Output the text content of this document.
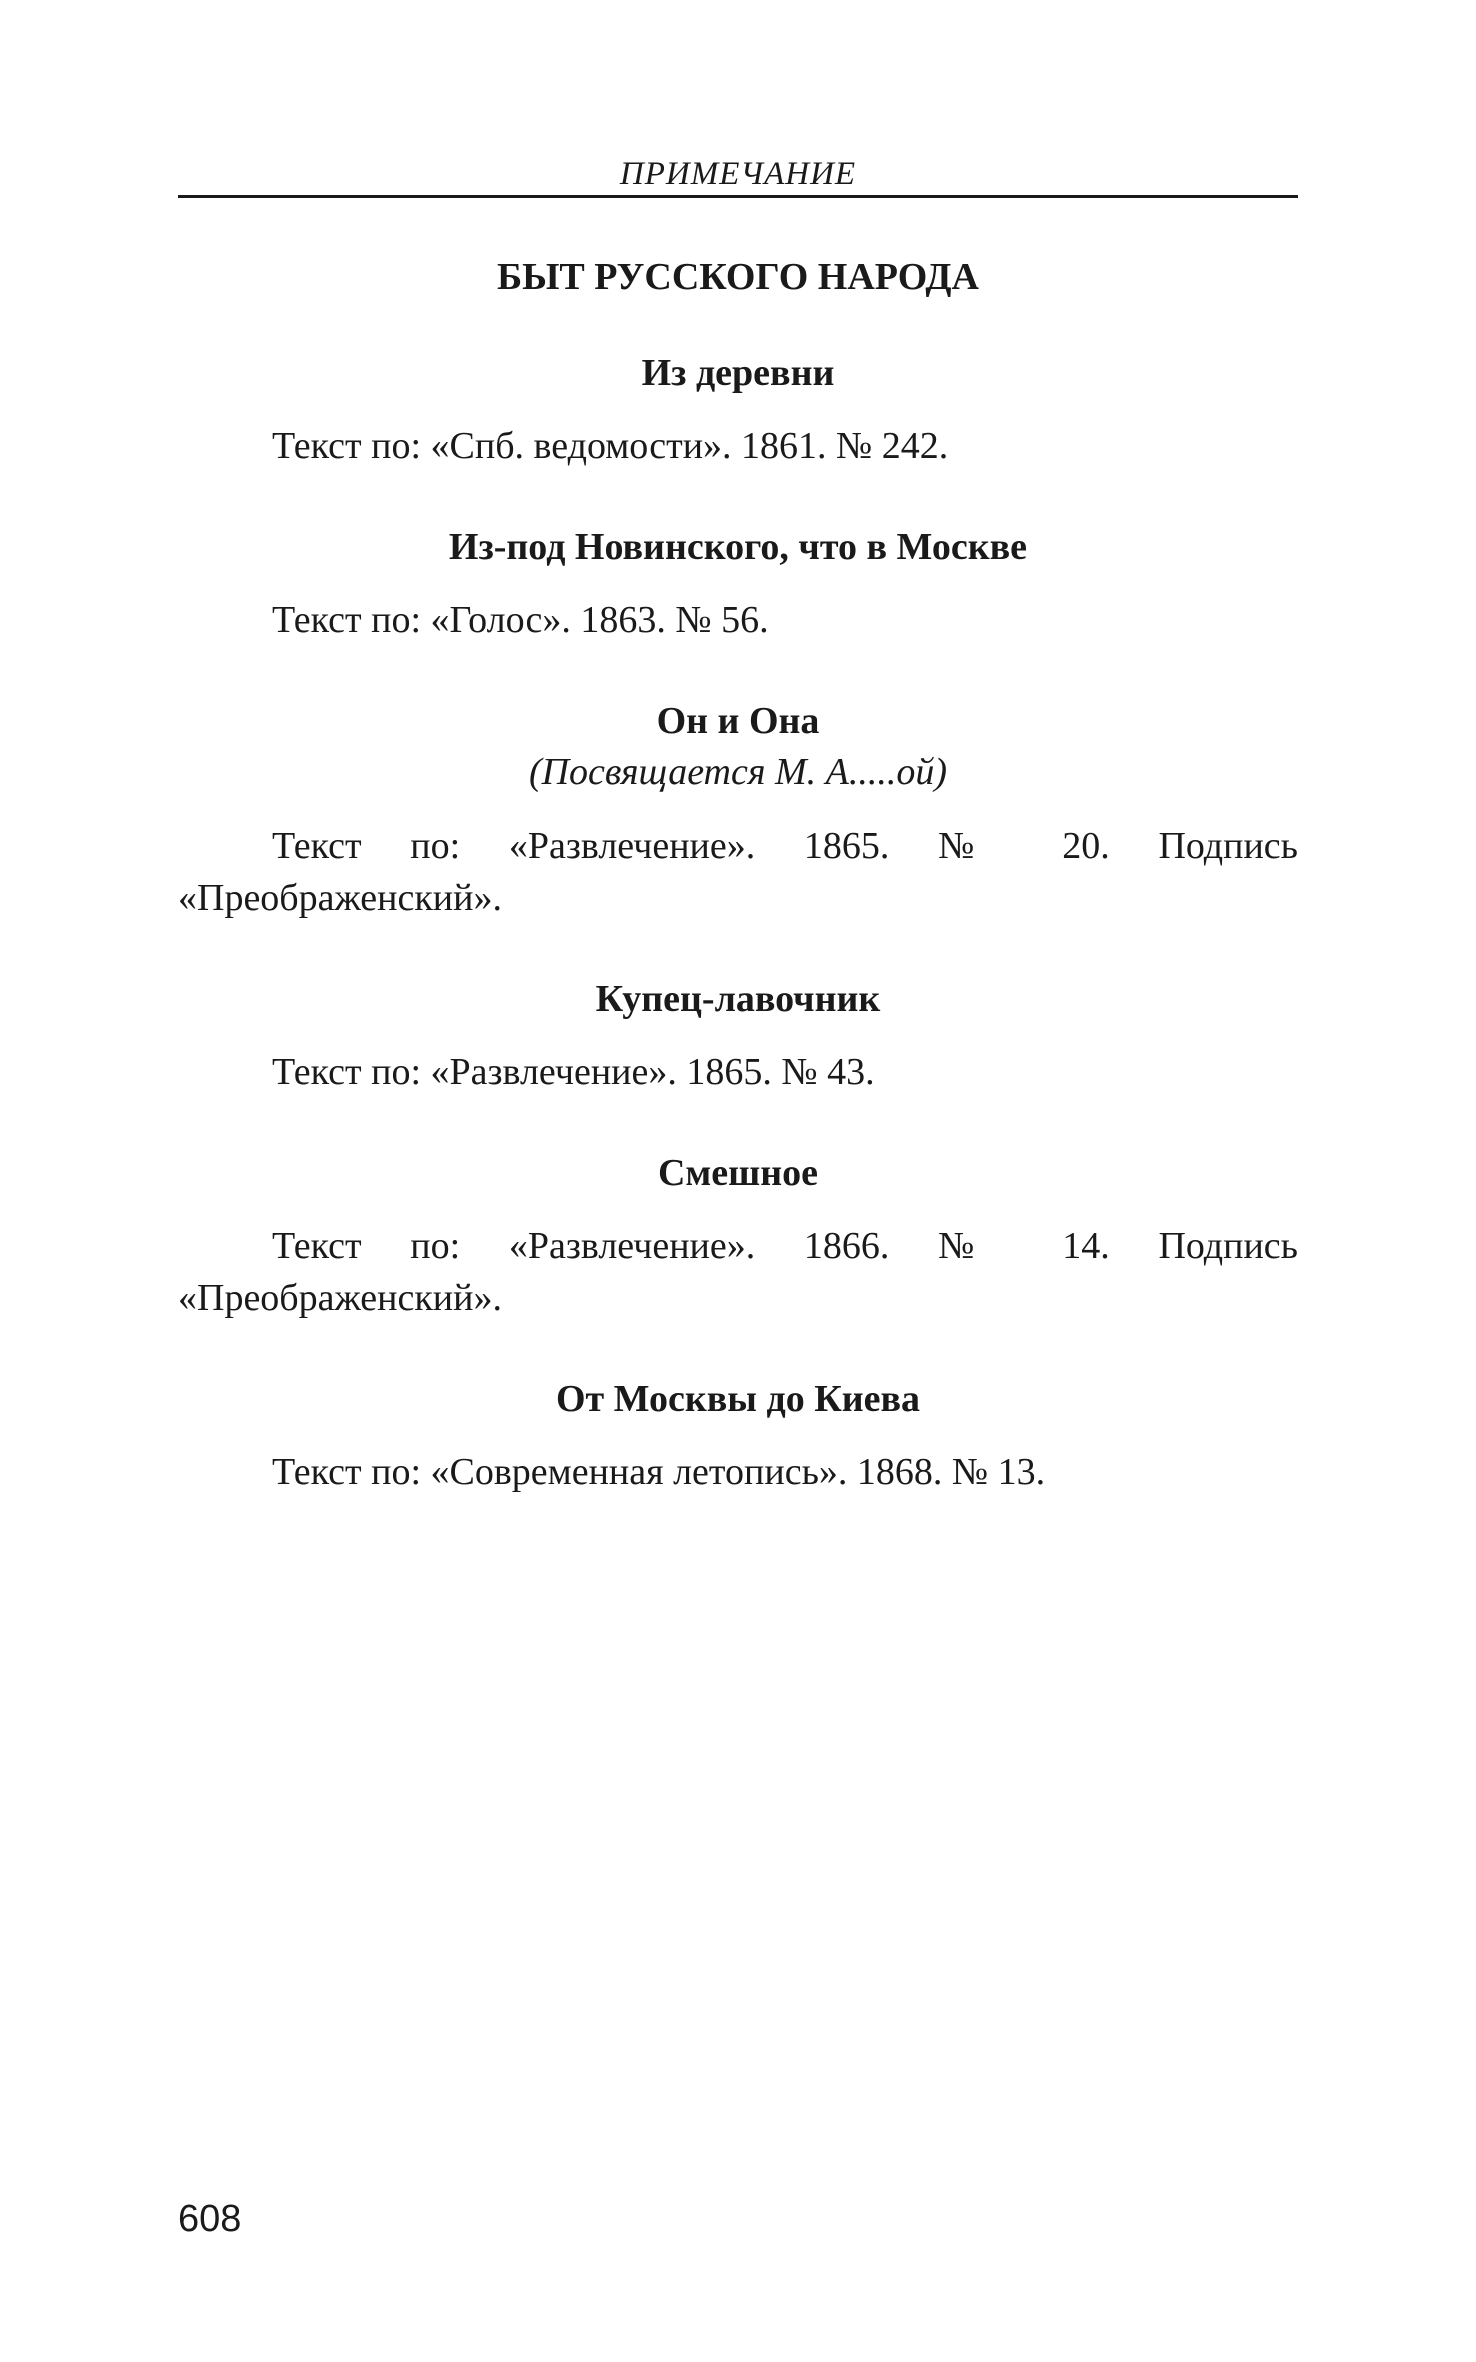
ПРИМЕЧАНИЕ
БЫТ РУССКОГО НАРОДА
Из деревни

Текст по: «Спб. ведомости». 1861. № 242.

Из-под Новинского, что в Москве

Текст по: «Голос». 1863. № 56.

Он и Она

(Посвящается М. А.....ой)

Текст по: «Развлечение». 1865. № 20. Подпись «Преображенский».

Купец-лавочник

Текст по: «Развлечение». 1865. № 43.

Смешное

Текст по: «Развлечение». 1866. № 14. Подпись «Преображенский».

От Москвы до Киева

Текст по: «Современная летопись». 1868. № 13.

608
